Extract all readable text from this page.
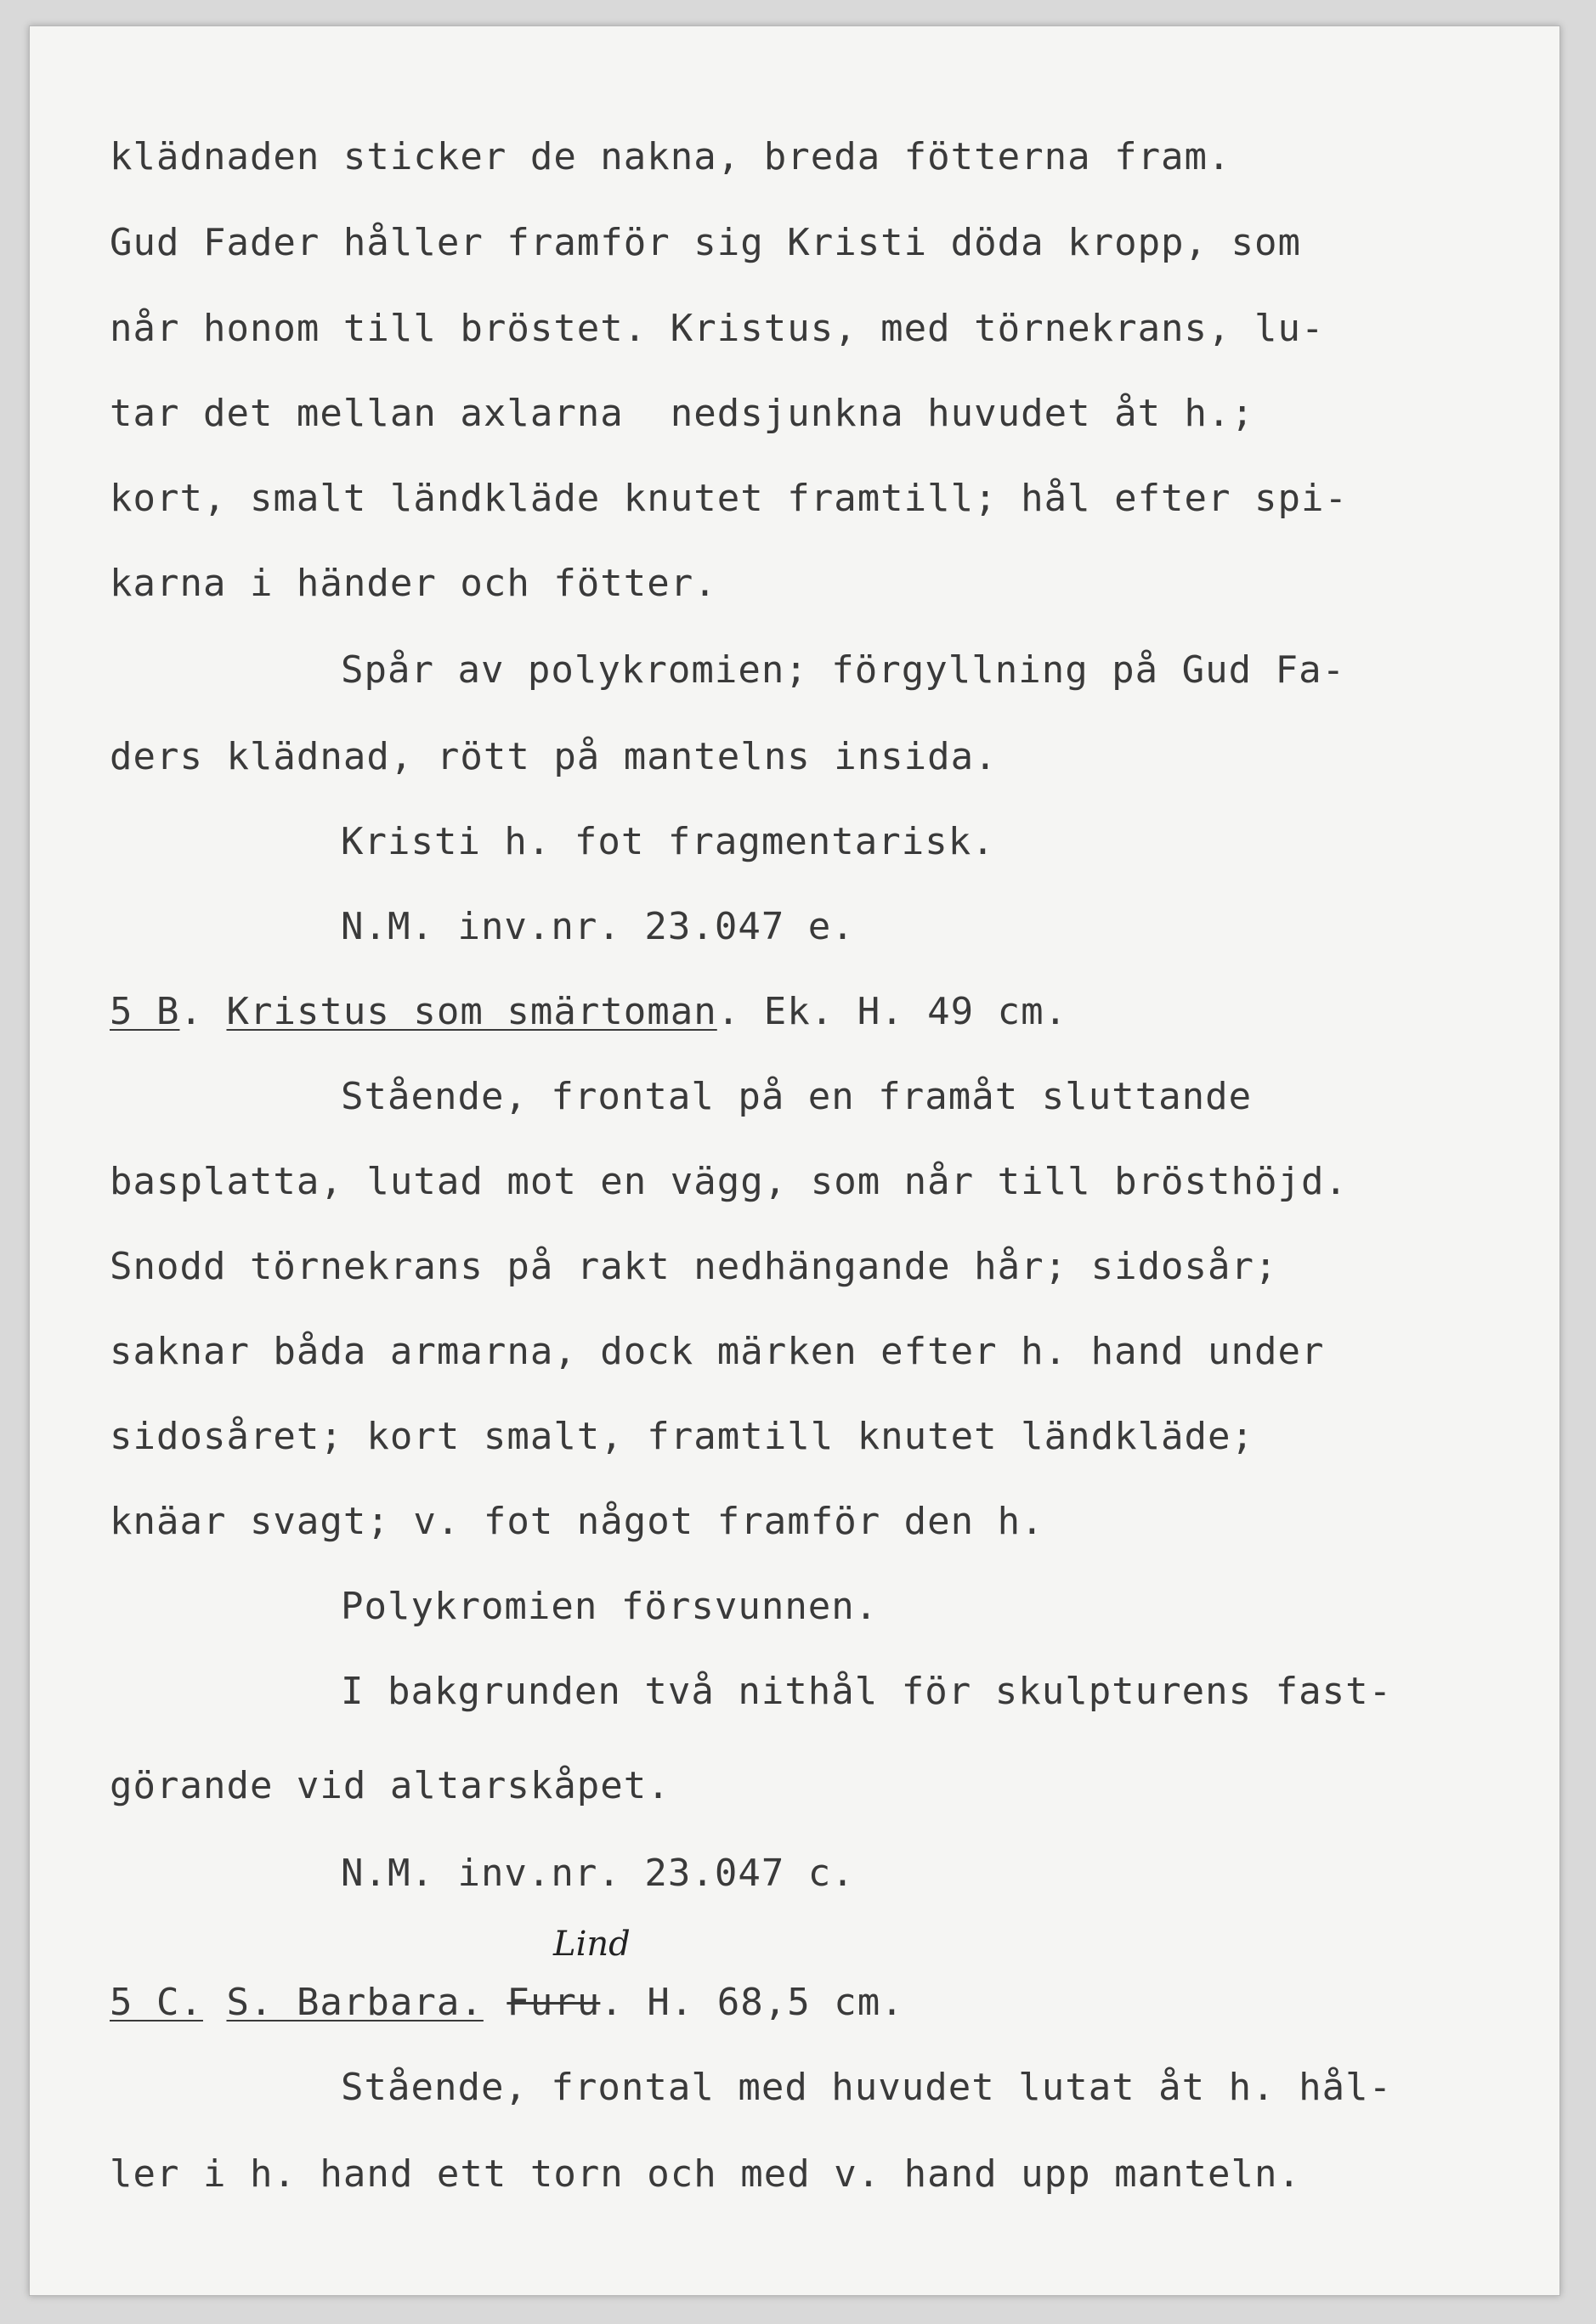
klädnaden sticker de nakna, breda fötterna fram.
Gud Fader håller framför sig Kristi döda kropp, som
når honom till bröstet. Kristus, med törnekrans, lu-
tar det mellan axlarna  nedsjunkna huvudet åt h.;
kort, smalt ländkläde knutet framtill; hål efter spi-
karna i händer och fötter.
Spår av polykromien; förgyllning på Gud Fa-
ders klädnad, rött på mantelns insida.
Kristi h. fot fragmentarisk.
N.M. inv.nr. 23.047 e.
5 B. Kristus som smärtoman. Ek. H. 49 cm.
Stående, frontal på en framåt sluttande
basplatta, lutad mot en vägg, som når till brösthöjd.
Snodd törnekrans på rakt nedhängande hår; sidosår;
saknar båda armarna, dock märken efter h. hand under
sidosåret; kort smalt, framtill knutet ländkläde;
knäar svagt; v. fot något framför den h.
Polykromien försvunnen.
I bakgrunden två nithål för skulpturens fast-
görande vid altarskåpet.
N.M. inv.nr. 23.047 c.
Lind
5 C. S. Barbara. Furu. H. 68,5 cm.
Stående, frontal med huvudet lutat åt h. hål-
ler i h. hand ett torn och med v. hand upp manteln.
